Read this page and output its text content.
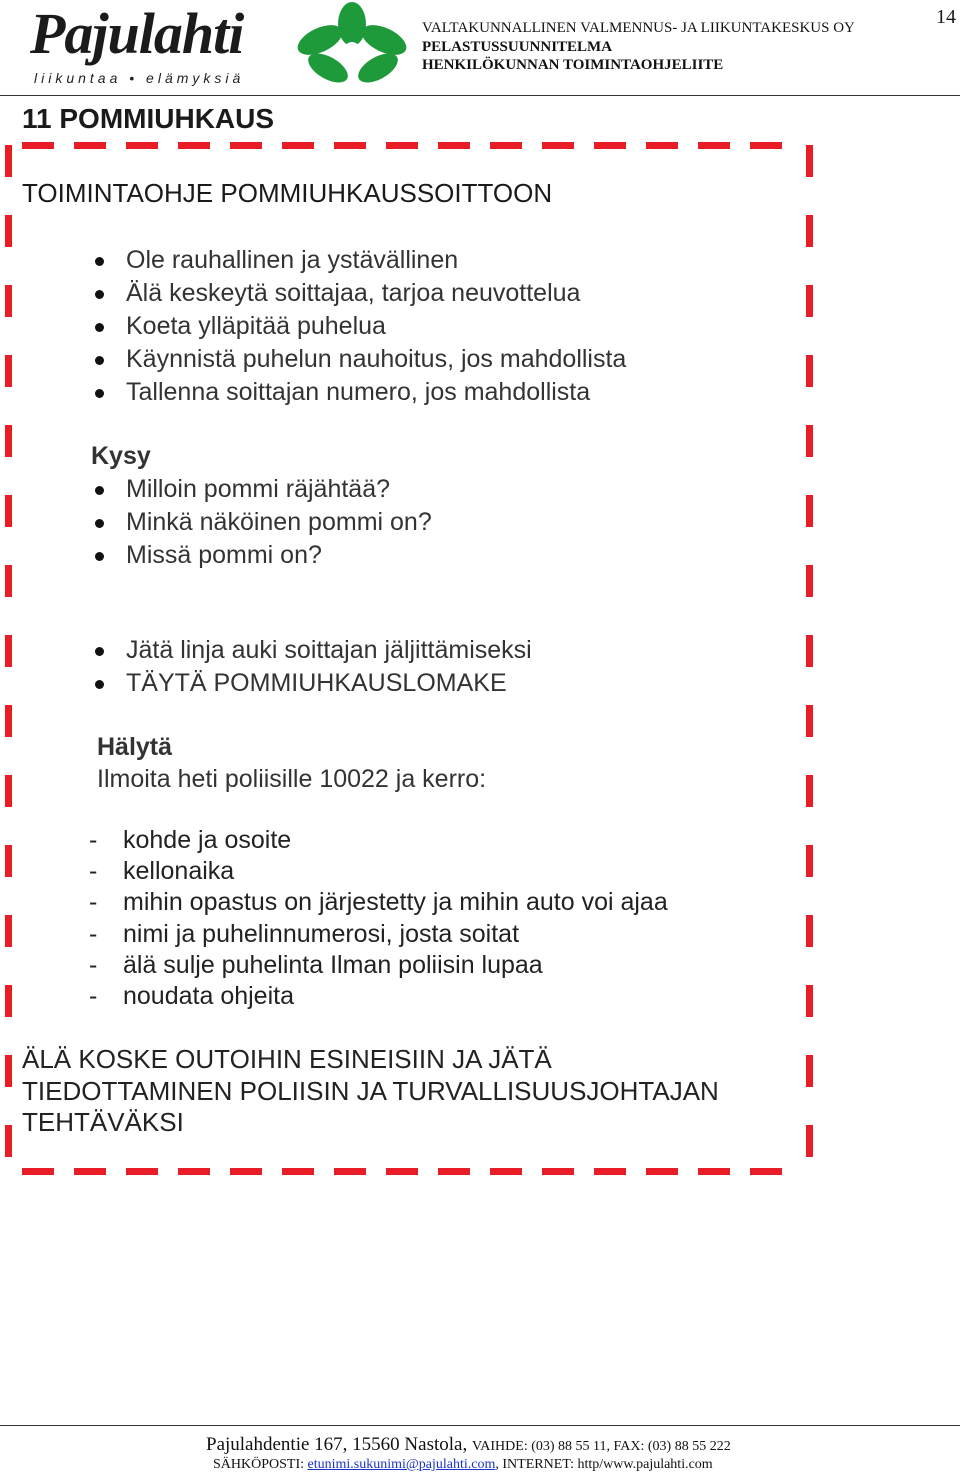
Pajulahti
liikuntaa • elämyksiä
VALTAKUNNALLINEN VALMENNUS- JA LIIKUNTAKESKUS OY
PELASTUSSUUNNITELMA
HENKILÖKUNNAN TOIMINTAOHJELIITE
14
11 POMMIUHKAUS
TOIMINTAOHJE POMMIUHKAUSSOITTOON
Ole rauhallinen ja ystävällinen
Älä keskeytä soittajaa, tarjoa neuvottelua
Koeta ylläpitää puhelua
Käynnistä puhelun nauhoitus, jos mahdollista
Tallenna soittajan numero, jos mahdollista
Kysy
Milloin pommi räjähtää?
Minkä näköinen pommi on?
Missä pommi on?
Jätä linja auki soittajan jäljittämiseksi
TÄYTÄ POMMIUHKAUSLOMAKE
Hälytä
Ilmoita heti poliisille 10022 ja kerro:
- kohde ja osoite
- kellonaika
- mihin opastus on järjestetty ja mihin auto voi ajaa
- nimi ja puhelinnumerosi, josta soitat
- älä sulje puhelinta Ilman poliisin lupaa
- noudata ohjeita
ÄLÄ KOSKE OUTOIHIN ESINEISIIN JA JÄTÄ
TIEDOTTAMINEN POLIISIN JA TURVALLISUUSJOHTAJAN
TEHTÄVÄKSI
Pajulahdentie 167, 15560 Nastola, VAIHDE: (03) 88 55 11, FAX: (03) 88 55 222
SÄHKÖPOSTI: etunimi.sukunimi@pajulahti.com, INTERNET: http/www.pajulahti.com
